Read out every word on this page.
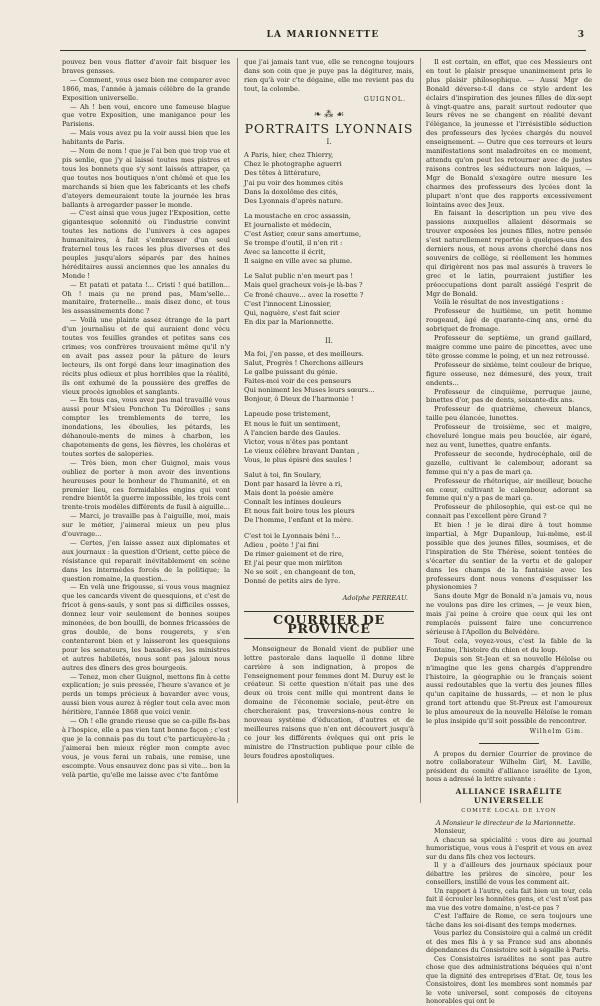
LA MARIONNETTE	3

pouvez ben vous flatter d'avoir fait bisquer les braves gensses.

— Comment, vous osez bien me comparer avec 1866, mas, l'année à jamais célèbre de la grande Exposition universelle.

— Ah ! ben voui, encore une fameuse blague que votre Exposition, une manigance pour les Parisiens.

— Mais vous avez pu la voir aussi bien que les habitants de Paris.

— Nom de nom ! que je l'ai ben que trop vue et pis senlie, que j'y ai laissé toutes mes pistres et tous les bonnets que s'y sont laissés attraper, ça que toutes nos boutiques n'ont chômé et que les marchands si bien que les fabricants et les chefs d'ateyers demeuraient toute la journée les bras ballants à arregarder passer le monde.

— C'est ainsi que vous jugez l'Exposition, cette gigantesque solennité où l'industrie convint toutes les nations de l'univers à ces agapes humanitaires, à fait s'embrasser d'un seul fraternel tous les races les plus diverses et des peuples jusqu'alors séparés par des haines héréditaires aussi anciennes que les annales du Monde !

— Et patati et patata !... Cristi ! qué batillon... Oh ! mais çu ne prend pas, Mam'selle... manitaire, fraternelle... mais disez donc, et tous les assassinements donc ?

— Voilà une plainte assez étrange de la part d'un journalisu et de qui auraient donc vécu toutes vos feuilles grandes et petites sans ces crimes; vos confrères trouvaient même qu'il n'y en avait pas assez pour la pâture de leurs lecteurs, ils ont forgé dans leur imagination des récits plus odieux et plus horribles que la réalité, ils ont exhumé de la poussière des greffes de vieux procès ignobles et sanglants.

— En tous cas, vous avez pas mal travaillé vous aussi pour M'sieu Ponchon Tu Déroilles ; sans compter les tremblements de terre, les inondations, les éboulies, les pétards, les déhanoule-ments de mines à charbon, les chapotements de gens, les fièvres, les choléras et toutes sortes de saloperies.

— Très bien, mon cher Guignol, mais vous oubliez de porter à mon avoir des inventions heureuses pour le bonheur de l'humanité, et en premier lieu, ces formidables engins qui vont rendre bientôt la guerre impossible, les trois cent trente-trois modèles différents de fusil à aiguille...

— Marci, je travaille pas à l'aiguille, moi, mais sur le métier, j'aimerai mieux un peu plus d'ouvrage...

— Certes, j'en laisse assez aux diplomates et aux journaux : la question d'Orient, cette pièce de résistance qui reparait inévitablement en scène dans les intermèdes forcés de la politique; la question romaine, la question...

— En velà une frigousse, si vous vous magniez que les cancards vivent de quesquions, et c'est de fricot à gens-sauls, y sont pas si difficiles ossses, donnez leur voir seulement de bonnes soupes minonées, de bon bouilli, de bonnes fricassées de gras double, de bons rougerets, y s'en contenteront bien et y laisseront les quesquions pour les senateurs, les baxadèr-es, les ministres et autres habiletés, nous sont pas jaloux nous autres des dîners des gros bourgeois.

— Tenez, mon cher Guignol, mettons fin à cette explication; je suis pressée, l'heure s'avance et je perds un temps précieux à bavarder avec vous, aussi bien vous aurez à régler tout cela avec mon héritière, l'année 1868 que voici venir.

— Oh ! elle grande rieuse que se ca-pille fis-bas à l'hospice, elle a pas vien tant bonne façon ; c'est que je la connais pas du tout c'te particuyère-la ; j'aimerai ben mieux régler mon compte avec vous, je vous ferai un rabais, une remise, une escompte. Vous ensauvez donc pas si vite... bon la velà partie, qu'elle me laisse avec c'te fantôme

que j'ai jamais tant vue, elle se rencogne toujours dans son coin que je puye pas la dégiturer, mais, rien qu'à voir c'te dégaine, elle me revient pas du tout, la colombe.

GUIGNOL.
❧ ⁂ ☙
PORTRAITS LYONNAIS
I.

A Paris, hier, chez Thierry,

Chez le photographe aguerri

Des têtes à littérature,

J'ai pu voir des hommes cités

Dans la doxolôme des cités,

Des Lyonnais d'après nature.

La moustache en croc assassin,

Et journaliste et médecin,

C'est Astier, cœur sans amertume,

Se trompe d'outil, il n'en rit :

Avec sa lancette il écrit,

Il saigne en ville avec sa plume.

Le Salut public n'en meurt pas !

Mais quel gracheux vois-je là-bas ?

Ce froné chauve... avec la rosette ?

C'est l'innocent Linossier,

Qui, naguère, s'est fait scier

En dix par la Marionnette.

II.

Ma foi, j'en passe, et des meilleurs.

Salut, Progrès ! Cherchons ailleurs

Le galbe puissant du génie.

Faites-moi voir de ces penseurs

Qui noniment les Muses leurs sœurs...

Bonjour, ô Dieux de l'harmonie !

Lapeude pose tristement,

Et nous le fuit un sentiment,

A l'ancien barde des Gaules.

Victor, vous n'êtes pas pontant

Le vieux célèbre bravant Dantan ,

Vous, le plus épisré des saules !

Salut à toi, fin Soulary,

Dont par hasard la lèvre a ri,

Mais dont la poésie amère

Connaît les intimes douleurs

Et nous fait boire tous les pleurs

De l'homme, l'enfant et la mère.

C'est toi le Lyonnais béni !...

Adieu , poète ! j'ai fini

De rimer gaiement et de rire,

Et j'ai peur que mon mirliton

Ne se soit , en changeant de ton,

Donné de petits airs de lyre.

Adolphe PERREAU.
COURRIER DE PROVINCE

Monseigneur de Bonald vient de publier une lettre pastorale dans laquelle il donne libre carrière à son indignation, à propos de l'enseignement pour femmes dont M. Duruy est le créateur. Si cette question n'était pas une des deux où trois cent mille qui montrent dans le domaine de l'économie sociale, peut-être en chercheraient pas, traversions-nous contre le nouveau système d'éducation, d'autres et de meilleures raisons que n'en ont découvert jusqu'à ce jour les différents évêques qui ont pris le ministre de l'Instruction publique pour cible de leurs foudres apostoliques.

Il est certain, en effet, que ces Messieurs ont en tout le plaisir presque unanimement pris le plus plaisir philosophique. — Aussi Mgr de Bonald déverse-t-il dans ce style ardent les éclairs d'inspiration des jeunes filles de dix-sept à vingt-quatre ans, parait surtout redouter que leurs rêves ne se changent en réalité devant l'élégance, la jeunesse et l'irrésistible séduction des professeurs des lycées chargés du nouvel enseignement. — Outre que ces terreurs et leurs manifestations sont maladroites en ce moment, attendu qu'on peut les retourner avec de justes raisons contres les séducteurs non laïques, — Mgr de Bonald s'exagère outre mesure les charmes des professeurs des lycées dont la plupart n'ont que des rapports excessivement lointains avec des Jeux.

En faisant la description un peu vive des passions auxquelles allaient désormais se trouver exposées les jeunes filles, notre pensée s'est naturellement reportée à quelques-uns des derniers nous, et nous avons cherché dans nos souvenirs de collège, si réellement les hommes qui dirigèrent nos pas mal assurés à travers le grec et le latin, pourraient justifier les préoccupations dont paraît assiégé l'esprit de Mgr de Bonald.

Voilà le résultat de nos investigations :

Professeur de huitième, un petit homme rougeaud, âgé de quarante-cinq ans, orné du sobriquet de fromage.

Professeur de septième, un grand gaillard, maigre comme une paire de pincettes, avec une tête grosse comme le poing, et un nez retroussé.

Professeur de sixième, teint couleur de brique, figure osseuse, nez démesuré, des yeux, trait endents...

Professeur de cinquième, perruque jaune, binettes d'or, pas de dents, soixante-dix ans.

Professeur de quatrième, cheveux blancs, taille peu élancée, lunettes.

Professeur de troisième, sec et maigre, cheveluré longue mais peu bouclée, air égaré, nez au vent, lunettes, quatre enfants.

Professeur de seconde, hydrocéphale, œil de gazelle, cultivant le calembour, adorant sa femme qui n'y a pas de mari ça.

Professeur de rhétorique, air meilleur, bouche en cœur, cultivant le calembour, adorant sa femme qui n'y a pas de mari ça.

Professeur de philosophie, qui est-ce qui ne connait pas l'excellent père Grand ?

Et bien ! je le dirai dire à tout homme impartial, à Mgr Dupanloup, lui-même, est-il possible que des jeunes filles, soumises, et de l'inspiration de Ste Thérèse, soient tentées de s'écarter du sentier de la vertu et de galoper dans les champs de la fantaisie avec les professeurs dont nous venons d'esquisser les physionomies ?

Sans doute Mgr de Bonald n'a jamais vu, nous ne voulons pas dire les crimes, — je veux bien, mais j'ai peine à croire que ceux qui les ont remplacés puissent faire une concurrence sérieuse à l'Apollon du Belvédère.

Tout cela, voyez-vous, c'est la fable de la Fontaine, l'histoire du chien et du loup.

Depuis son St-Jean et sa nouvelle Héloïse ou n'imagine que les gens chargés d'apprendre l'histoire, la géographie ou le français soient aussi redoutables que la vertu des jeunes filles qu'un capitaine de hussards, — et non le plus grand tort attendu que St-Preux est l'amoureux le plus amoureux de la nouvelle Héloïse le roman le plus insipide qu'il soit possible de rencontrer.

Wilhelm Gim.

A propos du dernier Courrier de province de notre collaborateur Wilhelm Girl, M. Laville, président du comité d'alliance israélite de Lyon, nous a adressé la lettre suivante :

ALLIANCE ISRAÉLITE UNIVERSELLE
COMITÉ LOCAL DE LYON

A Monsieur le directeur de la Marionnette.

Monsieur,

A chacun sa spécialité : vous dire au journal humoristique, vous vous à l'esprit et vous en avez sur du dans fils chez vos lecteurs.

Il y a d'ailleurs des journaux spéciaux pour débattre les prières de sincère, pour les conseillers, instillé de vous les comment ait.

Un rapport à l'autre, cela fait bien un tour, cela fait il écrouler les honnêtes gens, et c'est n'est pas ma vue des votre domaine, n'est-ce pas ?

C'est l'affaire de Rome, ce sera toujours une tâche dans les soi-disant des temps modernes.

Vous parlez du Consistoire qui a calmé un crédit et des mes fils à y sa France sud ans abonnés dépendances du Consistoire soit à ségaille à Paris.

Ces Consistoires israélites ne sont pas autre chose que des administrations béquées qui n'ont que la dignité des entreprises d'Etat. Or, tous les Consistoires, dont les membres sont nommés par le vote universel, sont composés de citoyens honorables qui ont le
